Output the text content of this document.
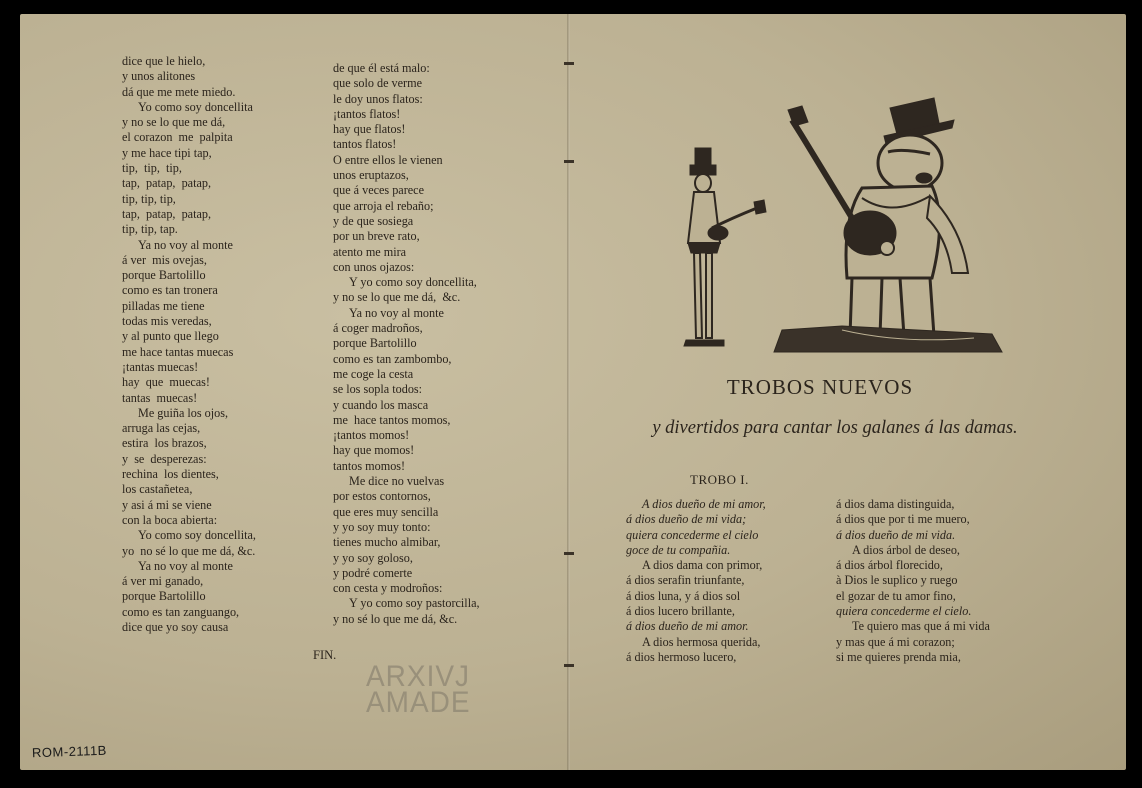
dice que le hielo,
y unos alitones
dá que me mete miedo.
Yo como soy doncellita
y no se lo que me dá,
el corazon  me  palpita
y me hace tipi tap,
tip,  tip,  tip,
tap,  patap,  patap,
tip, tip, tip,
tap,  patap,  patap,
tip, tip, tap.
Ya no voy al monte
á ver  mis ovejas,
porque Bartolillo
como es tan tronera
pilladas me tiene
todas mis veredas,
y al punto que llego
me hace tantas muecas
¡tantas muecas!
hay  que  muecas!
tantas  muecas!
Me guiña los ojos,
arruga las cejas,
estira  los brazos,
y  se  desperezas:
rechina  los dientes,
los castañetea,
y asi á mi se viene
con la boca abierta:
Yo como soy doncellita,
yo  no sé lo que me dá, &c.
Ya no voy al monte
á ver mi ganado,
porque Bartolillo
como es tan zanguango,
dice que yo soy causa
de que él está malo:
que solo de verme
le doy unos flatos:
¡tantos flatos!
hay que flatos!
tantos flatos!
O entre ellos le vienen
unos eruptazos,
que á veces parece
que arroja el rebaño;
y de que sosiega
por un breve rato,
atento me mira
con unos ojazos:
Y yo como soy doncellita,
y no se lo que me dá,  &c.
Ya no voy al monte
á coger madroños,
porque Bartolillo
como es tan zambombo,
me coge la cesta
se los sopla todos:
y cuando los masca
me  hace tantos momos,
¡tantos momos!
hay que momos!
tantos momos!
Me dice no vuelvas
por estos contornos,
que eres muy sencilla
y yo soy muy tonto:
tienes mucho almibar,
y yo soy goloso,
y podré comerte
con cesta y modroños:
Y yo como soy pastorcilla,
y no sé lo que me dá, &c.
FIN.
ARXIVJ
AMADE
TROBOS NUEVOS
y divertidos para cantar los galanes á las damas.
TROBO I.
A dios dueño de mi amor,
á dios dueño de mi vida;
quiera concederme el cielo
goce de tu compañia.
A dios dama con primor,
á dios serafin triunfante,
á dios luna, y á dios sol
á dios lucero brillante,
á dios dueño de mi amor.
A dios hermosa querida,
á dios hermoso lucero,
á dios dama distinguida,
á dios que por ti me muero,
á dios dueño de mi vida.
A dios árbol de deseo,
á dios árbol florecido,
à Dios le suplico y ruego
el gozar de tu amor fino,
quiera concederme el cielo.
Te quiero mas que á mi vida
y mas que á mi corazon;
si me quieres prenda mia,
ROM-2111B
